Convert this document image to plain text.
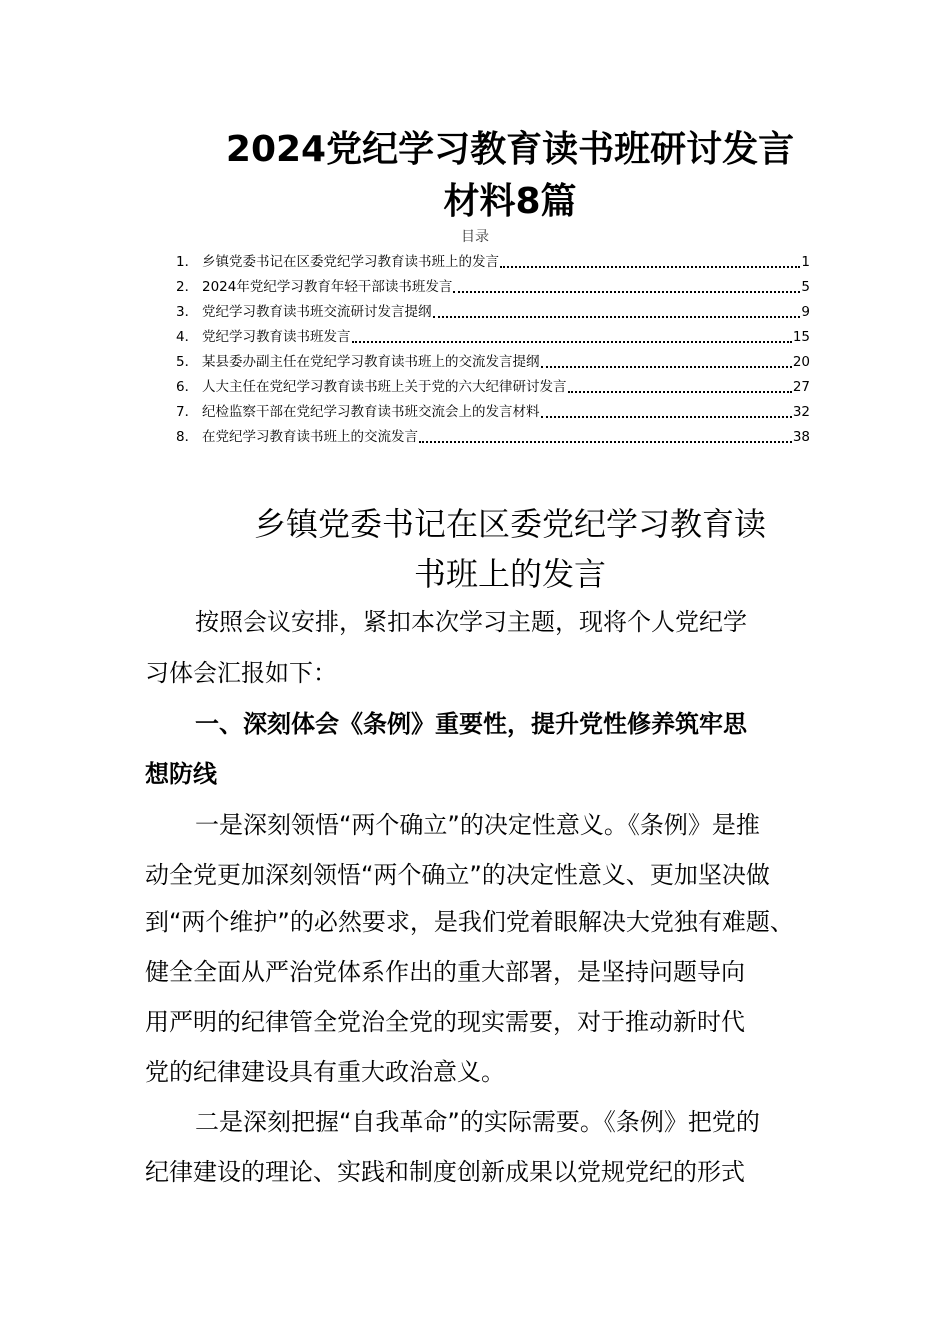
2024党纪学习教育读书班研讨发言
材料8篇
目录
1． 乡镇党委书记在区委党纪学习教育读书班上的发言	1
2． 2024年党纪学习教育年轻干部读书班发言	5
3． 党纪学习教育读书班交流研讨发言提纲	9
4． 党纪学习教育读书班发言	15
5． 某县委办副主任在党纪学习教育读书班上的交流发言提纲	20
6． 人大主任在党纪学习教育读书班上关于党的六大纪律研讨发言	27
7． 纪检监察干部在党纪学习教育读书班交流会上的发言材料	32
8． 在党纪学习教育读书班上的交流发言	38
乡镇党委书记在区委党纪学习教育读
书班上的发言
按照会议安排，紧扣本次学习主题，现将个人党纪学
习体会汇报如下：
一、深刻体会《条例》重要性，提升党性修养筑牢思
想防线
一是深刻领悟“两个确立”的决定性意义。《条例》是推
动全党更加深刻领悟“两个确立”的决定性意义、更加坚决做
到“两个维护”的必然要求，是我们党着眼解决大党独有难题、
健全全面从严治党体系作出的重大部署，是坚持问题导向
用严明的纪律管全党治全党的现实需要，对于推动新时代
党的纪律建设具有重大政治意义。
二是深刻把握“自我革命”的实际需要。《条例》把党的
纪律建设的理论、实践和制度创新成果以党规党纪的形式
